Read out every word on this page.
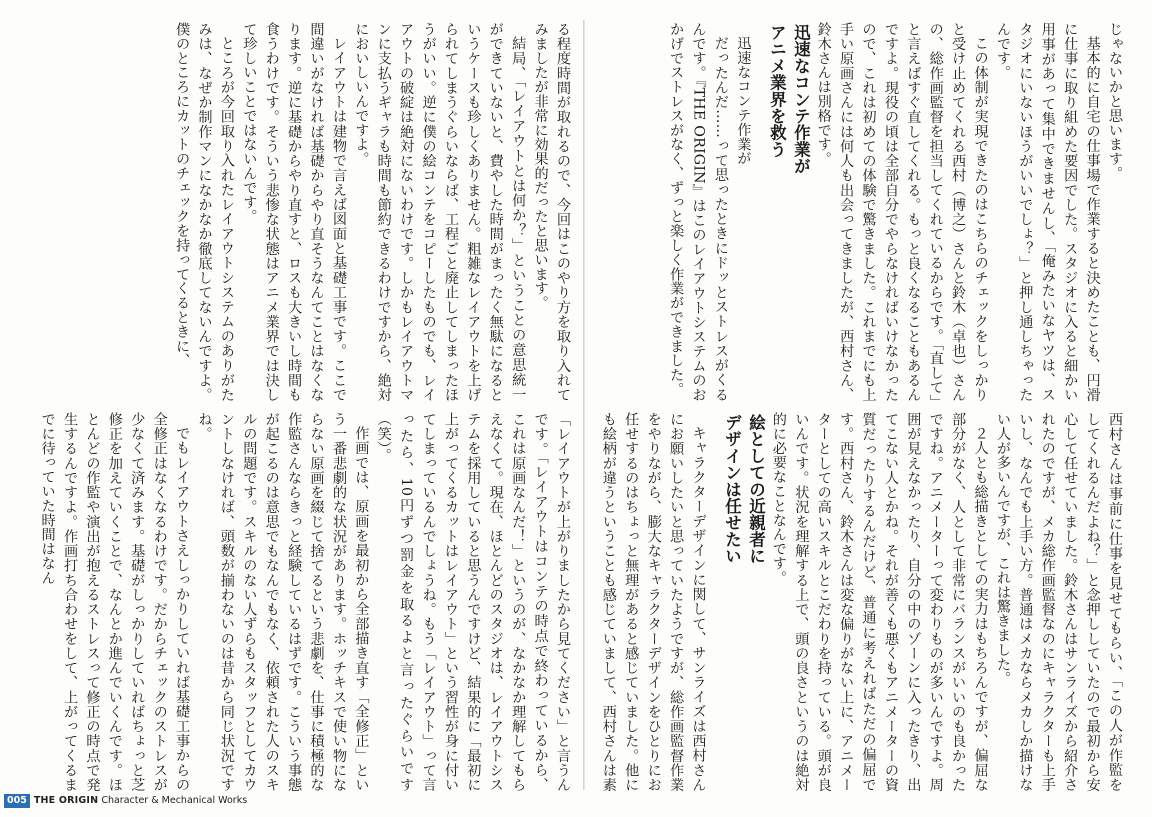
る程度時間が取れるので、今回はこのやり方を取り入れてみましたが非常に効果的だったと思います。

結局、「レイアウトとは何か？」ということの意思統一ができていないと、費やした時間がまったく無駄になるというケースも珍しくありません。粗雑なレイアウトを上げられてしまうぐらいならば、工程ごと廃止してしまったほうがいい。逆に僕の絵コンテをコピーしたものでも、レイアウトの破綻は絶対にないわけです。しかもレイアウトマンに支払うギャラも時間も節約できるわけですから、絶対においしいんですよ。

レイアウトは建物で言えば図面と基礎工事です。ここで間違いがなければ基礎からやり直そうなんてことはなくなります。逆に基礎からやり直すと、ロスも大きいし時間も食うわけです。そういう悲惨な状態はアニメ業界では決して珍しいことではないんです。

ところが今回取り入れたレイアウトシステムのありがたみは、なぜか制作マンになかなか徹底してないんですよ。僕のところにカットのチェックを持ってくるときに、

「レイアウトが上がりましたから見てください」と言うんです。「レイアウトはコンテの時点で終わっているから、これは原画なんだ！」というのが、なかなか理解してもらえなくて。現在、ほとんどのスタジオは、レイアウトシステムを採用していると思うんですけど、結果的に「最初に上がってくるカットはレイアウト」という習性が身に付いてしまっているんでしょうね。もう「レイアウト」って言ったら、10円ずつ罰金を取るよと言ったぐらいです（笑）。

作画では、原画を最初から全部描き直す「全修正」という一番悲劇的な状況があります。ホッチキスで使い物にならない原画を綴じて捨てるという悲劇を、仕事に積極的な作監さんならきっと経験しているはずです。こういう事態が起こるのは意思でもなんでもなく、依頼された人のスキルの問題です。スキルのない人ずらもスタッフとしてカウントしなければ、頭数が揃わないのは昔から同じ状況ですね。

でもレイアウトさえしっかりしていれば基礎工事からの全修正はなくなるわけです。だからチェックのストレスが少なくて済みます。基礎がしっかりしていればちょっと芝修正を加えていくことで、なんとか進んでいくんです。ほとんどの作監や演出が抱えるストレスって修正の時点で発生するんですよ。作画打ち合わせをして、上がってくるまでに待っていた時間はなん

じゃないかと思います。

基本的に自宅の仕事場で作業すると決めたことも、円滑に仕事に取り組めた要因でした。スタジオに入ると細かい用事があって集中できませんし、「俺みたいなヤツは、スタジオにいないほうがいいでしょ？」と押し通しちゃったんです。

この体制が実現できたのはこちらのチェックをしっかりと受け止めてくれる西村（博之）さんと鈴木（卓也）さんの、総作画監督を担当してくれているからです。「直して」と言えばすぐ直してくれる。もっと良くなることもあるんですよ。現役の頃は全部自分でやらなければいけなかったので、これは初めての体験で驚きました。これまでにも上手い原画さんには何人も出会ってきましたが、西村さん、鈴木さんは別格です。

迅速なコンテ作業が
アニメ業界を救う

迅速なコンテ作業が

だったんだ……って思ったときにドッとストレスがくるんです。『THE ORIGIN』はこのレイアウトシステムのおかげでストレスがなく、ずっと楽しく作業ができました。

西村さんは事前に仕事を見せてもらい、「この人が作監をしてくれるんだよね？」と念押ししていたので最初から安心して任せていました。鈴木さんはサンライズから紹介されたのですが、メカ総作画監督なのにキャラクターも上手いし、なんでも上手い方。普通はメカならメカしか描けない人が多いんですが、これは驚きました。

２人とも総描きとしての実力はもちろんですが、偏屈な部分がなく、人として非常にバランスがいいのも良かったですね。アニメーターって変わりものが多いんですよ。周囲が見えなかったり、自分の中のゾーンに入ったきり、出てこない人とかね。それが善くも悪くもアニメーターの資質だったりするんだけど、普通に考えればただの偏屈です。西村さん、鈴木さんは変な偏りがない上に、アニメーターとしての高いスキルとこだわりを持っている。頭が良いんです。状況を理解する上で、頭の良さというのは絶対的に必要なことなんです。

絵としての近親者に
デザインは任せたい

キャラクターデザインに関して、サンライズは西村さんにお願いしたいと思っていたようですが、総作画監督作業をやりながら、膨大なキャラクターデザインをひとりにお任せするのはちょっと無理があると感じていました。他にも絵柄が違うということも感じていまして、西村さんは素

005 THE ORIGIN Character & Mechanical Works
